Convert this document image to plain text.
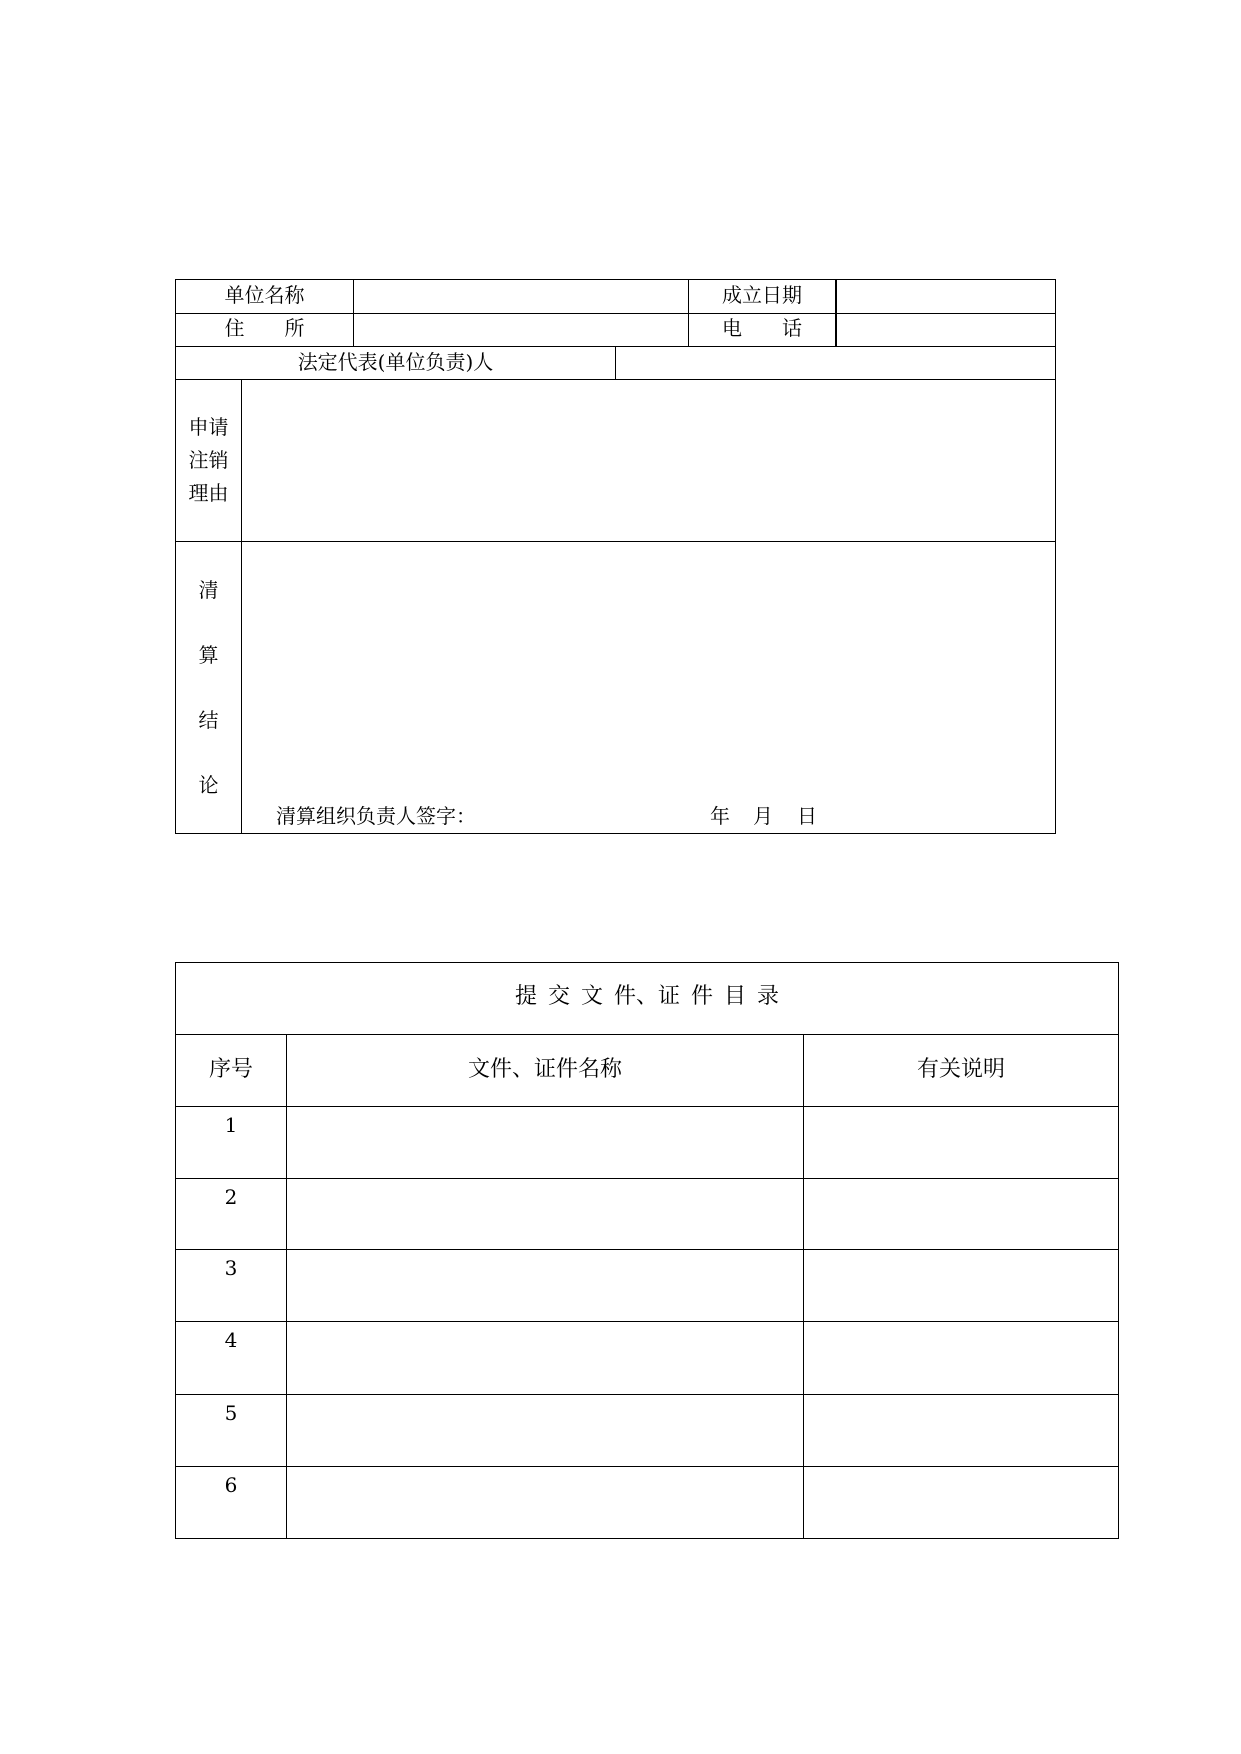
单位名称	成立日期
住　　所	电　　话
法定代表(单位负责)人
申请
注销
理由
清
算
结
论
清算组织负责人签字：	年 月 日
提 交 文 件、证 件 目 录
序号	文件、证件名称	有关说明
1
2
3
4
5
6
